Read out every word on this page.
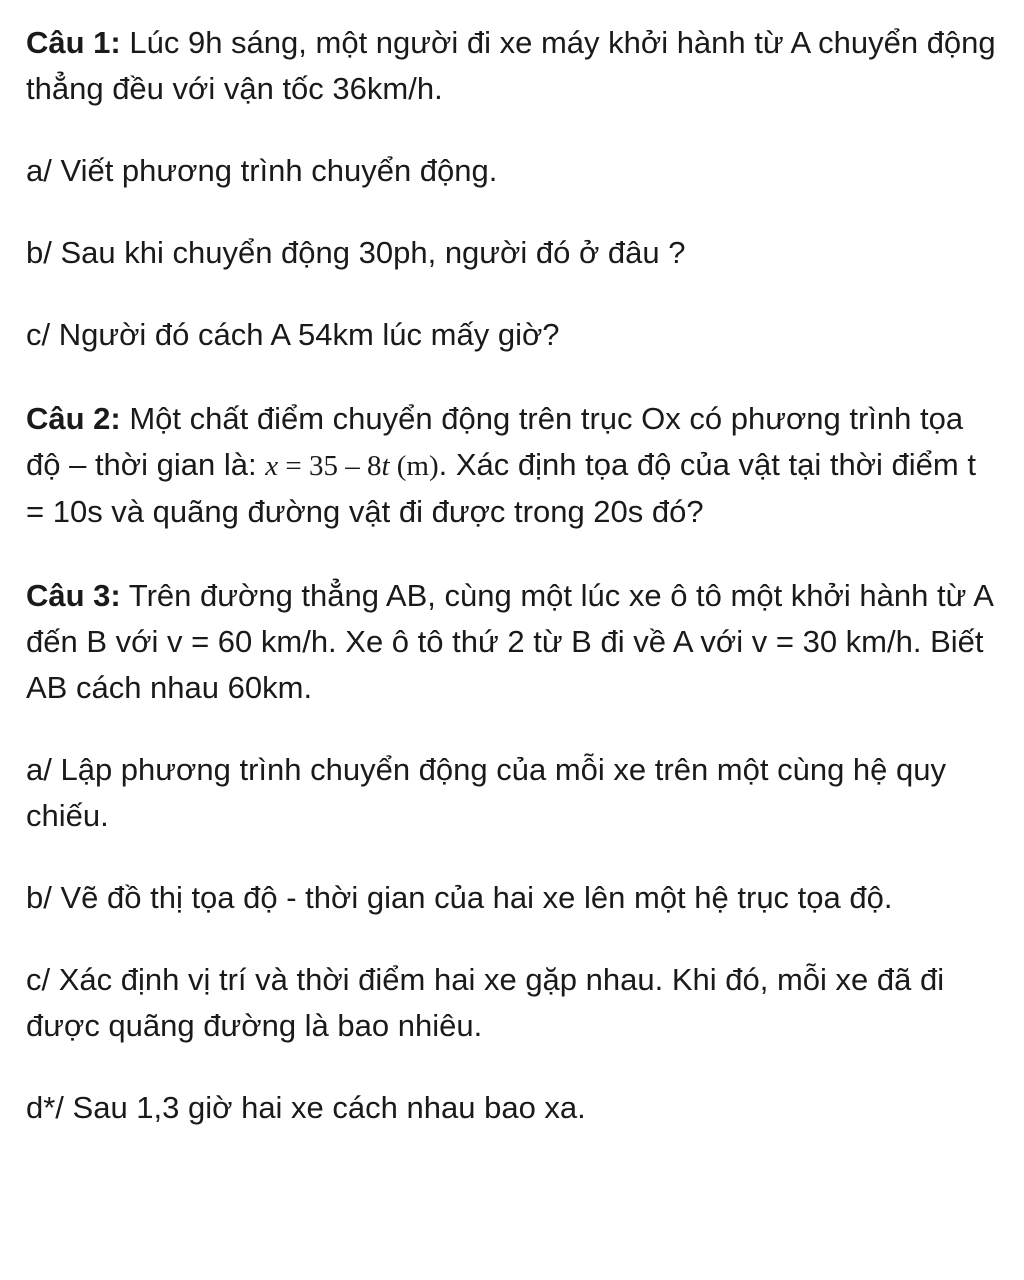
Câu 1: Lúc 9h sáng, một người đi xe máy khởi hành từ A chuyển động thẳng đều với vận tốc 36km/h.

a/ Viết phương trình chuyển động.

b/ Sau khi chuyển động 30ph, người đó ở đâu ?

c/ Người đó cách A 54km lúc mấy giờ?

Câu 2: Một chất điểm chuyển động trên trục Ox có phương trình tọa độ – thời gian là: x = 35 – 8t (m). Xác định tọa độ của vật tại thời điểm t = 10s và quãng đường vật đi được trong 20s đó?

Câu 3: Trên đường thẳng AB, cùng một lúc xe ô tô một khởi hành từ A đến B với v = 60 km/h. Xe ô tô thứ 2 từ B đi về A với v = 30 km/h. Biết AB cách nhau 60km.

a/ Lập phương trình chuyển động của mỗi xe trên một cùng hệ quy chiếu.

b/ Vẽ đồ thị tọa độ - thời gian của hai xe lên một hệ trục tọa độ.

c/ Xác định vị trí và thời điểm hai xe gặp nhau. Khi đó, mỗi xe đã đi được quãng đường là bao nhiêu.

d*/ Sau 1,3 giờ hai xe cách nhau bao xa.
